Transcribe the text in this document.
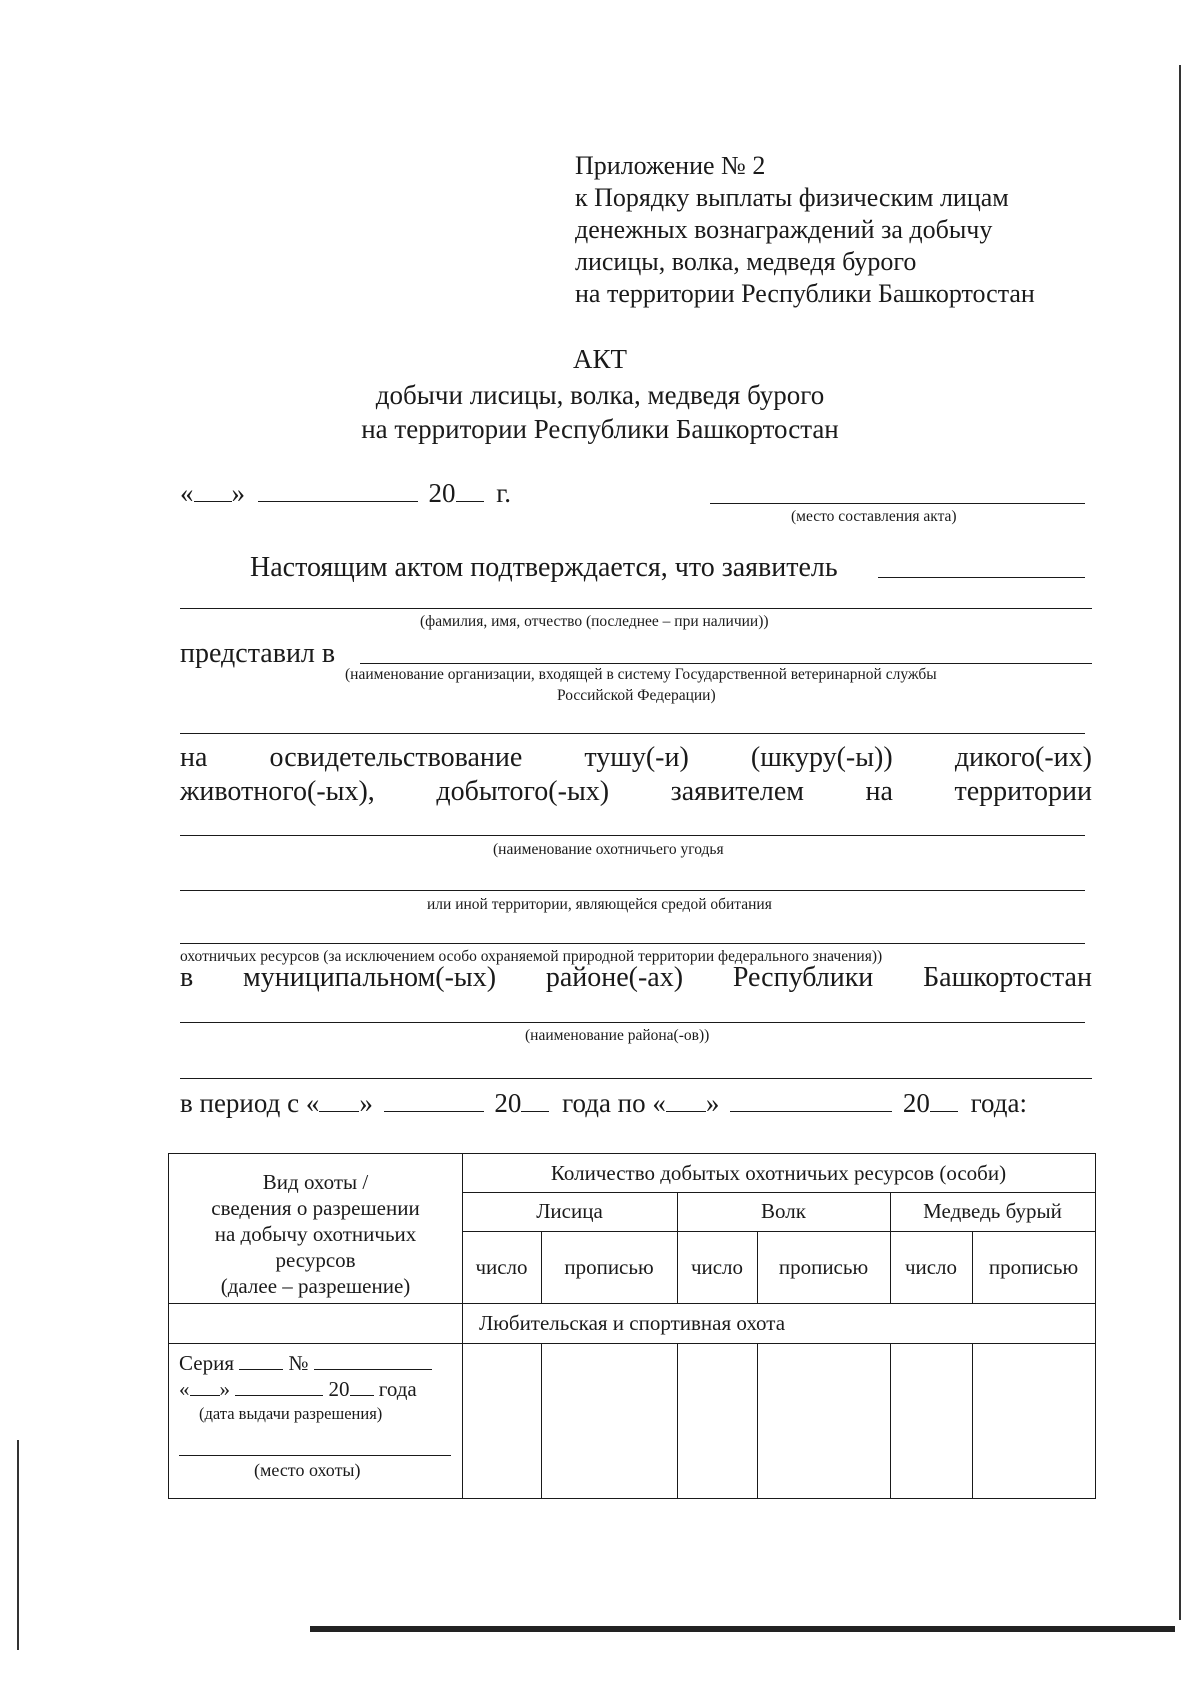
Приложение № 2
к Порядку выплаты физическим лицам
денежных вознаграждений за добычу
лисицы, волка, медведя бурого
на территории Республики Башкортостан
АКТ
добычи лисицы, волка, медведя бурого
на территории Республики Башкортостан
« »	20 г.
(место составления акта)
Настоящим актом подтверждается, что заявитель
(фамилия, имя, отчество (последнее – при наличии))
представил в
(наименование организации, входящей в систему Государственной ветеринарной службы
Российской Федерации)
на освидетельствование тушу(-и) (шкуру(-ы)) дикого(-их)
животного(-ых), добытого(-ых) заявителем на территории
(наименование охотничьего угодья
или иной территории, являющейся средой обитания
охотничьих ресурсов (за исключением особо охраняемой природной территории федерального значения))
в муниципальном(-ых) районе(-ах) Республики Башкортостан
(наименование района(-ов))
в период с « »	20 года по « »	20 года:
Вид охоты /
сведения о разрешении
на добычу охотничьих
ресурсов
(далее – разрешение)
Количество добытых охотничьих ресурсов (особи)
Лисица	Волк	Медведь бурый
число	прописью	число	прописью	число	прописью
Любительская и спортивная охота
Серия	№
« »	20 года
(дата выдачи разрешения)
(место охоты)
